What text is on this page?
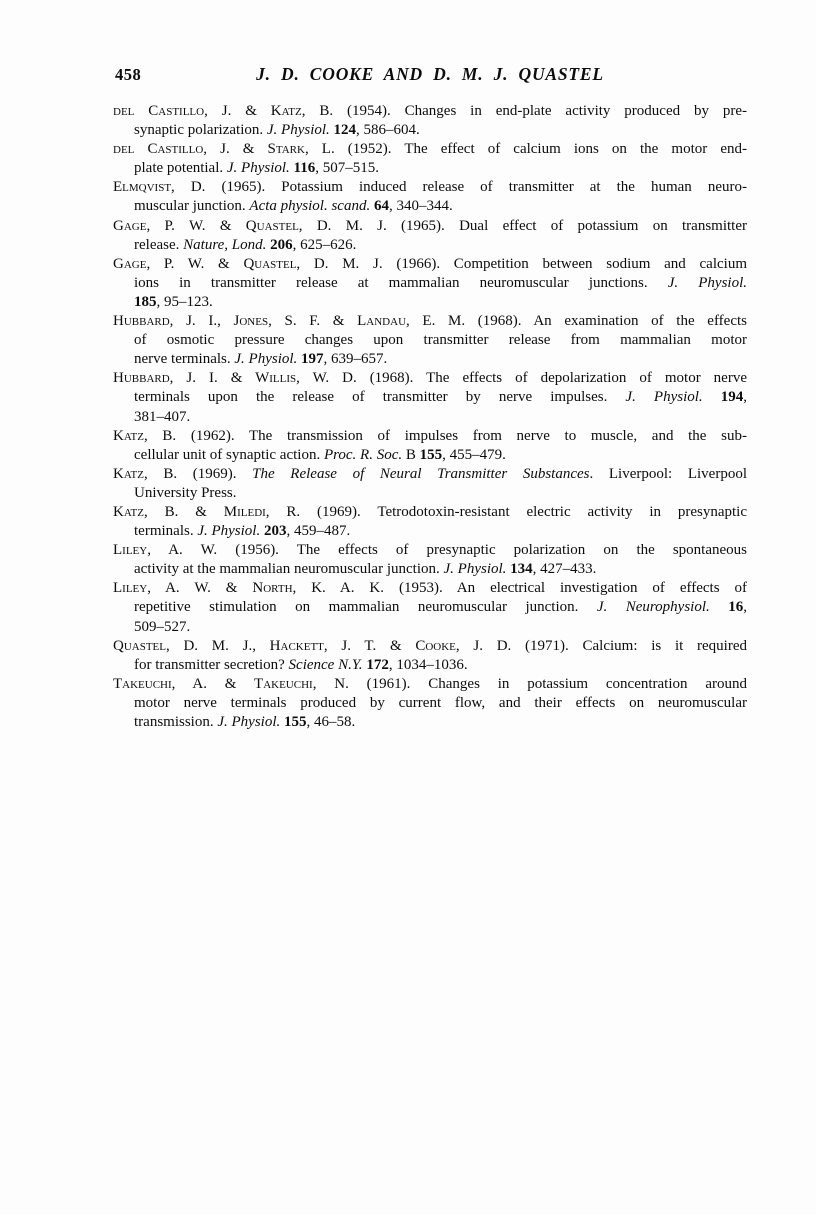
458	J. D. COOKE AND D. M. J. QUASTEL
del Castillo, J. & Katz, B. (1954). Changes in end-plate activity produced by pre-
synaptic polarization. J. Physiol. 124, 586–604.
del Castillo, J. & Stark, L. (1952). The effect of calcium ions on the motor end-
plate potential. J. Physiol. 116, 507–515.
Elmqvist, D. (1965). Potassium induced release of transmitter at the human neuro-
muscular junction. Acta physiol. scand. 64, 340–344.
Gage, P. W. & Quastel, D. M. J. (1965). Dual effect of potassium on transmitter
release. Nature, Lond. 206, 625–626.
Gage, P. W. & Quastel, D. M. J. (1966). Competition between sodium and calcium
ions in transmitter release at mammalian neuromuscular junctions. J. Physiol.
185, 95–123.
Hubbard, J. I., Jones, S. F. & Landau, E. M. (1968). An examination of the effects
of osmotic pressure changes upon transmitter release from mammalian motor
nerve terminals. J. Physiol. 197, 639–657.
Hubbard, J. I. & Willis, W. D. (1968). The effects of depolarization of motor nerve
terminals upon the release of transmitter by nerve impulses. J. Physiol. 194,
381–407.
Katz, B. (1962). The transmission of impulses from nerve to muscle, and the sub-
cellular unit of synaptic action. Proc. R. Soc. B 155, 455–479.
Katz, B. (1969). The Release of Neural Transmitter Substances. Liverpool: Liverpool
University Press.
Katz, B. & Miledi, R. (1969). Tetrodotoxin-resistant electric activity in presynaptic
terminals. J. Physiol. 203, 459–487.
Liley, A. W. (1956). The effects of presynaptic polarization on the spontaneous
activity at the mammalian neuromuscular junction. J. Physiol. 134, 427–433.
Liley, A. W. & North, K. A. K. (1953). An electrical investigation of effects of
repetitive stimulation on mammalian neuromuscular junction. J. Neurophysiol. 16,
509–527.
Quastel, D. M. J., Hackett, J. T. & Cooke, J. D. (1971). Calcium: is it required
for transmitter secretion? Science N.Y. 172, 1034–1036.
Takeuchi, A. & Takeuchi, N. (1961). Changes in potassium concentration around
motor nerve terminals produced by current flow, and their effects on neuromuscular
transmission. J. Physiol. 155, 46–58.
